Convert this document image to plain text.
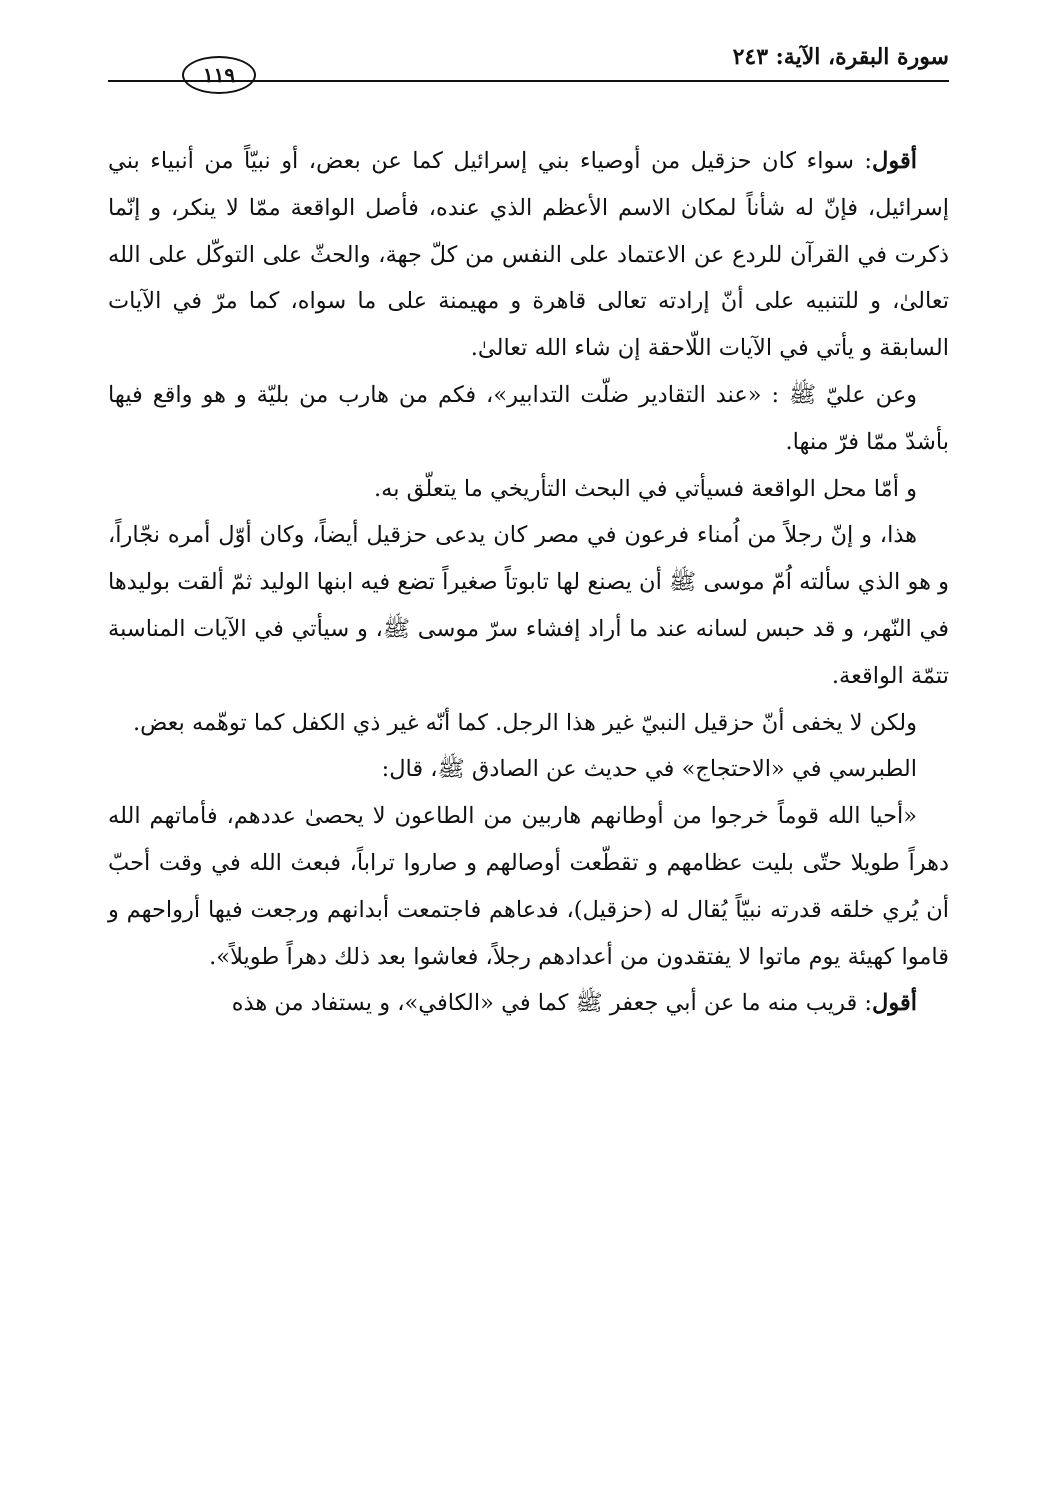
سورة البقرة، الآية: ٢٤٣
١١٩

أقول: سواء كان حزقيل من أوصياء بني إسرائيل كما عن بعض، أو نبيّاً من أنبياء بني إسرائيل، فإنّ له شأناً لمكان الاسم الأعظم الذي عنده، فأصل الواقعة ممّا لا ينكر، و إنّما ذكرت في القرآن للردع عن الاعتماد على النفس من كلّ جهة، والحثّ على التوكّل على الله تعالىٰ، و للتنبيه على أنّ إرادته تعالى قاهرة و مهيمنة على ما سواه، كما مرّ في الآيات السابقة و يأتي في الآيات اللّاحقة إن شاء الله تعالىٰ.

وعن عليّ ﷺ : «عند التقادير ضلّت التدابير»، فكم من هارب من بليّة و هو واقع فيها بأشدّ ممّا فرّ منها.

و أمّا محل الواقعة فسيأتي في البحث التأريخي ما يتعلّق به.

هذا، و إنّ رجلاً من اُمناء فرعون في مصر كان يدعى حزقيل أيضاً، وكان أوّل أمره نجّاراً، و هو الذي سألته اُمّ موسى ﷺ أن يصنع لها تابوتاً صغيراً تضع فيه ابنها الوليد ثمّ ألقت بوليدها في النّهر، و قد حبس لسانه عند ما أراد إفشاء سرّ موسى ﷺ، و سيأتي في الآيات المناسبة تتمّة الواقعة.

ولكن لا يخفى أنّ حزقيل النبيّ غير هذا الرجل. كما أنّه غير ذي الكفل كما توهّمه بعض.

الطبرسي في «الاحتجاج» في حديث عن الصادق ﷺ، قال:

«أحيا الله قوماً خرجوا من أوطانهم هاربين من الطاعون لا يحصىٰ عددهم، فأماتهم الله دهراً طويلا حتّى بليت عظامهم و تقطّعت أوصالهم و صاروا تراباً، فبعث الله في وقت أحبّ أن يُري خلقه قدرته نبيّاً يُقال له (حزقيل)، فدعاهم فاجتمعت أبدانهم ورجعت فيها أرواحهم و قاموا كهيئة يوم ماتوا لا يفتقدون من أعدادهم رجلاً، فعاشوا بعد ذلك دهراً طويلاً».

أقول: قريب منه ما عن أبي جعفر ﷺ كما في «الكافي»، و يستفاد من هذه
